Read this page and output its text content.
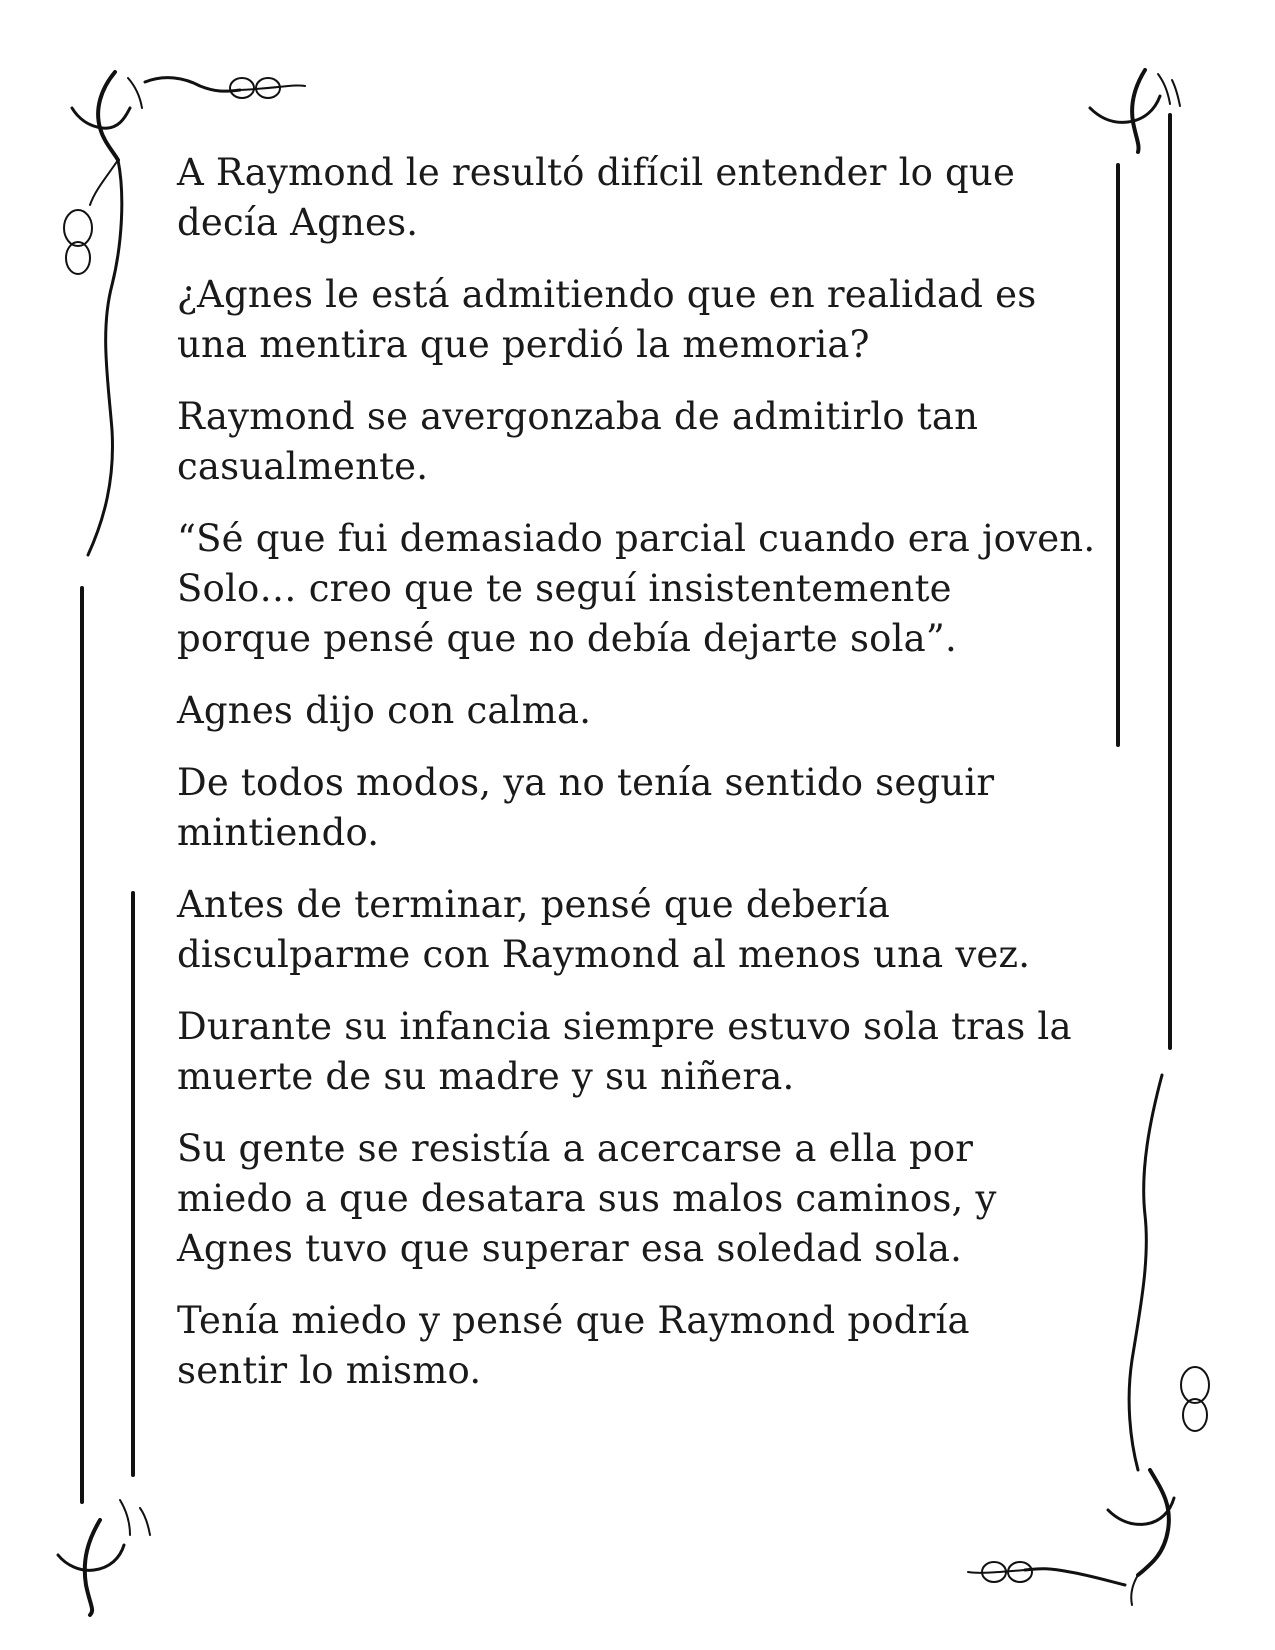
A Raymond le resultó difícil entender lo que
decía Agnes.

¿Agnes le está admitiendo que en realidad es
una mentira que perdió la memoria?

Raymond se avergonzaba de admitirlo tan
casualmente.

“Sé que fui demasiado parcial cuando era joven.
Solo… creo que te seguí insistentemente
porque pensé que no debía dejarte sola”.

Agnes dijo con calma.

De todos modos, ya no tenía sentido seguir
mintiendo.

Antes de terminar, pensé que debería
disculparme con Raymond al menos una vez.

Durante su infancia siempre estuvo sola tras la
muerte de su madre y su niñera.

Su gente se resistía a acercarse a ella por
miedo a que desatara sus malos caminos, y
Agnes tuvo que superar esa soledad sola.

Tenía miedo y pensé que Raymond podría
sentir lo mismo.
